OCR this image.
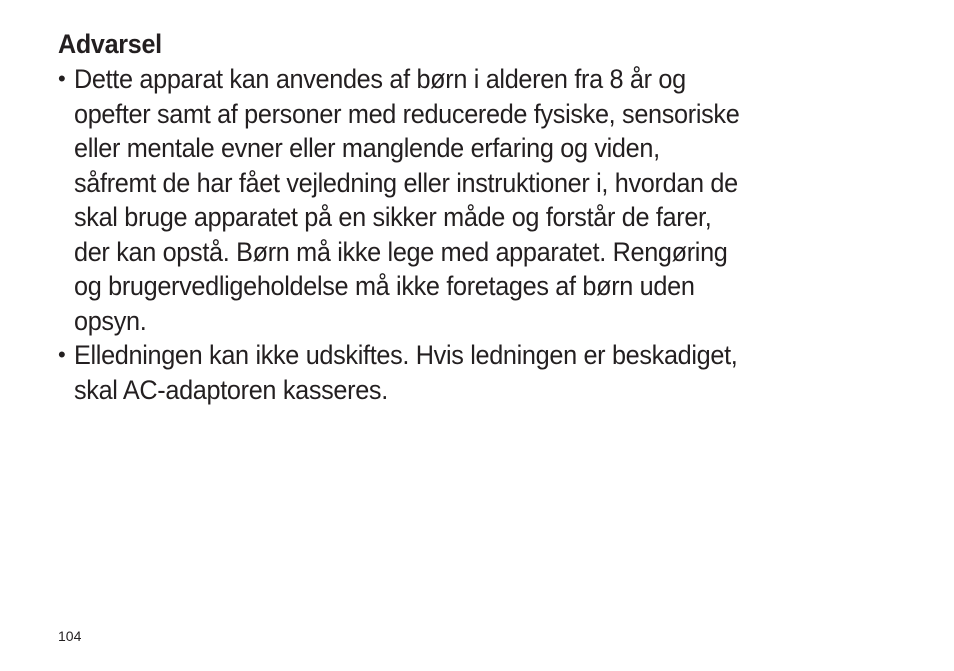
Advarsel
• Dette apparat kan anvendes af børn i alderen fra 8 år og
opefter samt af personer med reducerede fysiske, sensoriske
eller mentale evner eller manglende erfaring og viden,
såfremt de har fået vejledning eller instruktioner i, hvordan de
skal bruge apparatet på en sikker måde og forstår de farer,
der kan opstå. Børn må ikke lege med apparatet. Rengøring
og brugervedligeholdelse må ikke foretages af børn uden
opsyn.
• Elledningen kan ikke udskiftes. Hvis ledningen er beskadiget,
skal AC-adaptoren kasseres.
104
